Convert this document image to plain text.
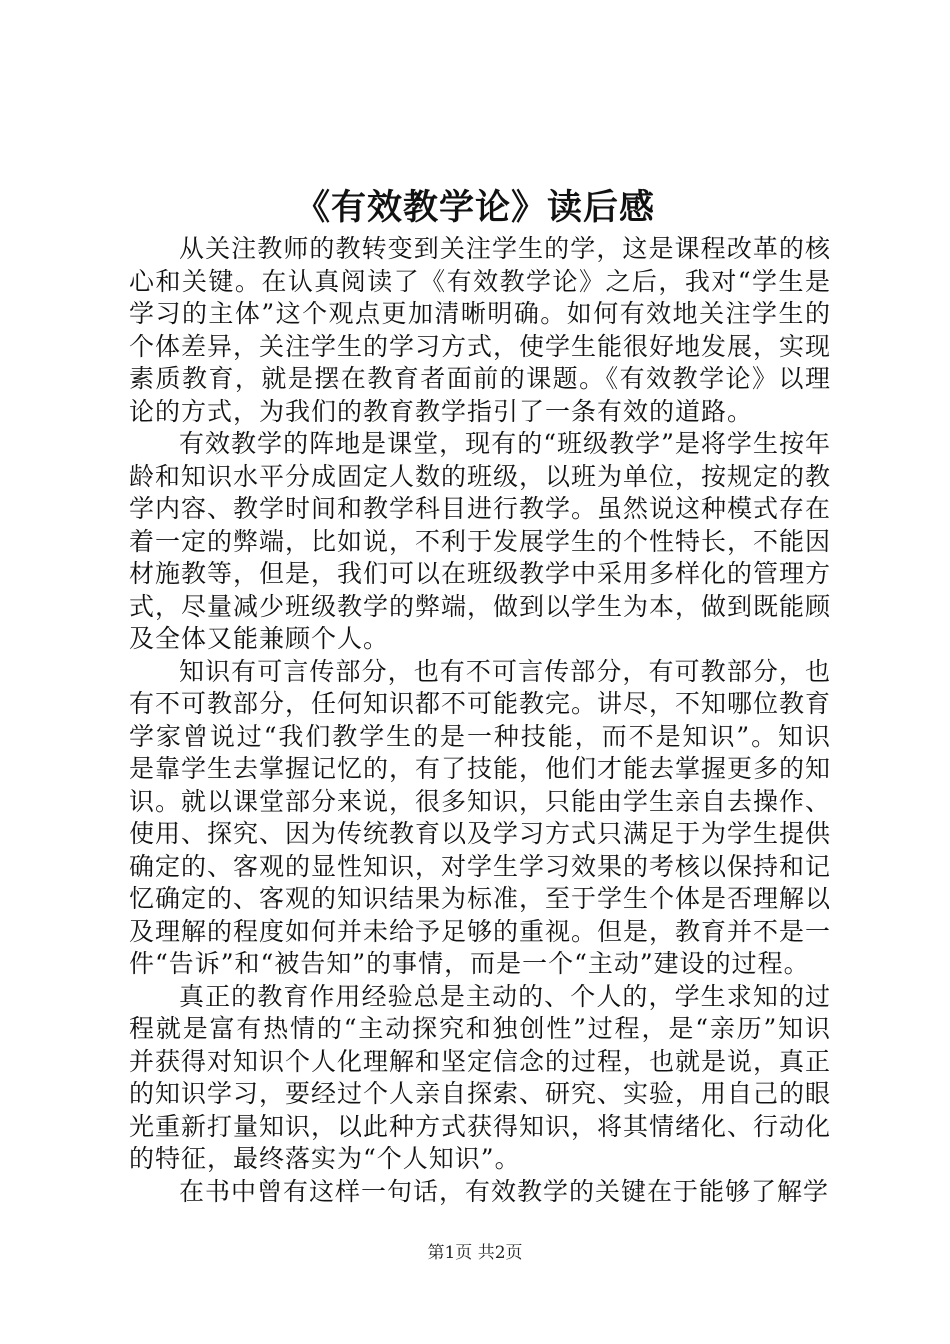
《有效教学论》读后感

从关注教师的教转变到关注学生的学，这是课程改革的核心和关键。在认真阅读了《有效教学论》之后，我对“学生是学习的主体”这个观点更加清晰明确。如何有效地关注学生的个体差异，关注学生的学习方式，使学生能很好地发展，实现素质教育，就是摆在教育者面前的课题。《有效教学论》以理论的方式，为我们的教育教学指引了一条有效的道路。

有效教学的阵地是课堂，现有的“班级教学”是将学生按年龄和知识水平分成固定人数的班级，以班为单位，按规定的教学内容、教学时间和教学科目进行教学。虽然说这种模式存在着一定的弊端，比如说，不利于发展学生的个性特长，不能因材施教等，但是，我们可以在班级教学中采用多样化的管理方式，尽量减少班级教学的弊端，做到以学生为本，做到既能顾及全体又能兼顾个人。

知识有可言传部分，也有不可言传部分，有可教部分，也有不可教部分，任何知识都不可能教完。讲尽，不知哪位教育学家曾说过“我们教学生的是一种技能，而不是知识”。知识是靠学生去掌握记忆的，有了技能，他们才能去掌握更多的知识。就以课堂部分来说，很多知识，只能由学生亲自去操作、使用、探究、因为传统教育以及学习方式只满足于为学生提供确定的、客观的显性知识，对学生学习效果的考核以保持和记忆确定的、客观的知识结果为标准，至于学生个体是否理解以及理解的程度如何并未给予足够的重视。但是，教育并不是一件“告诉”和“被告知”的事情，而是一个“主动”建设的过程。

真正的教育作用经验总是主动的、个人的，学生求知的过程就是富有热情的“主动探究和独创性”过程，是“亲历”知识并获得对知识个人化理解和坚定信念的过程，也就是说，真正的知识学习，要经过个人亲自探索、研究、实验，用自己的眼光重新打量知识，以此种方式获得知识，将其情绪化、行动化的特征，最终落实为“个人知识”。

在书中曾有这样一句话，有效教学的关键在于能够了解学

第1页 共2页
